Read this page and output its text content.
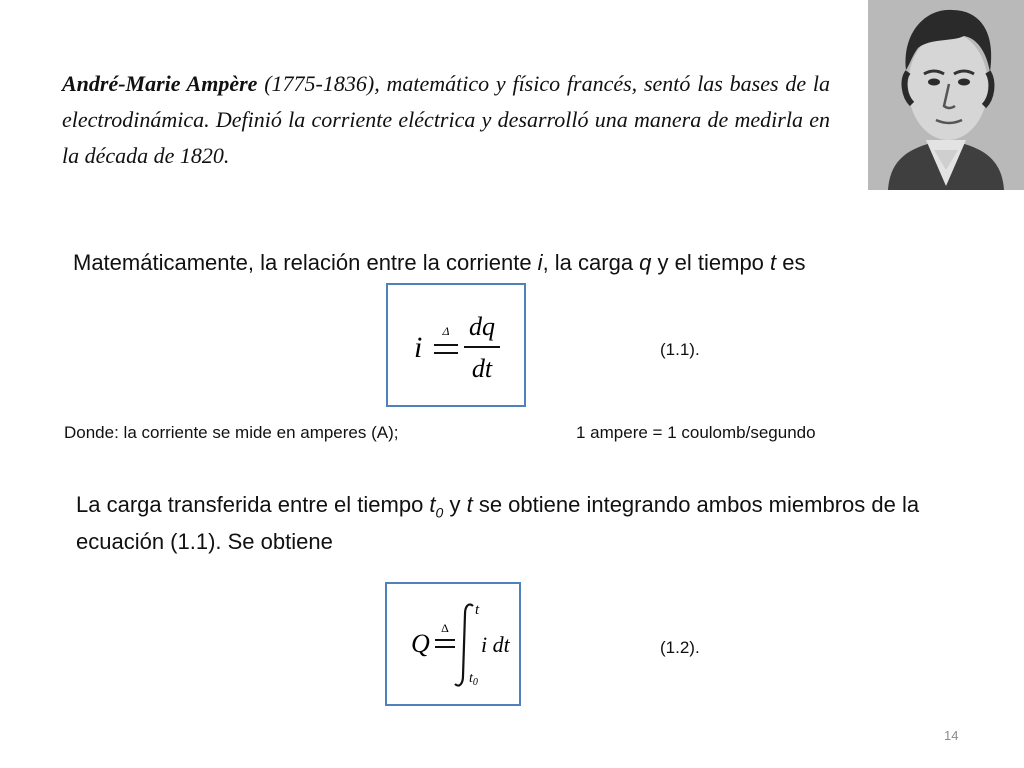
André-Marie Ampère (1775-1836), matemático y físico francés, sentó las bases de la electrodinámica. Definió la corriente eléctrica y desarrolló una manera de medirla en la década de 1820.

Matemáticamente, la relación entre la corriente i, la carga q y el tiempo t es

i Δ dq
dt
(1.1).
Donde: la corriente se mide en amperes (A);	1 ampere = 1 coulomb/segundo

La carga transferida entre el tiempo $t_0$ y t se obtiene integrando ambos miembros de la ecuación (1.1). Se obtiene

Q
Δ
t
$t_0$
i dt	(1.2).
14
